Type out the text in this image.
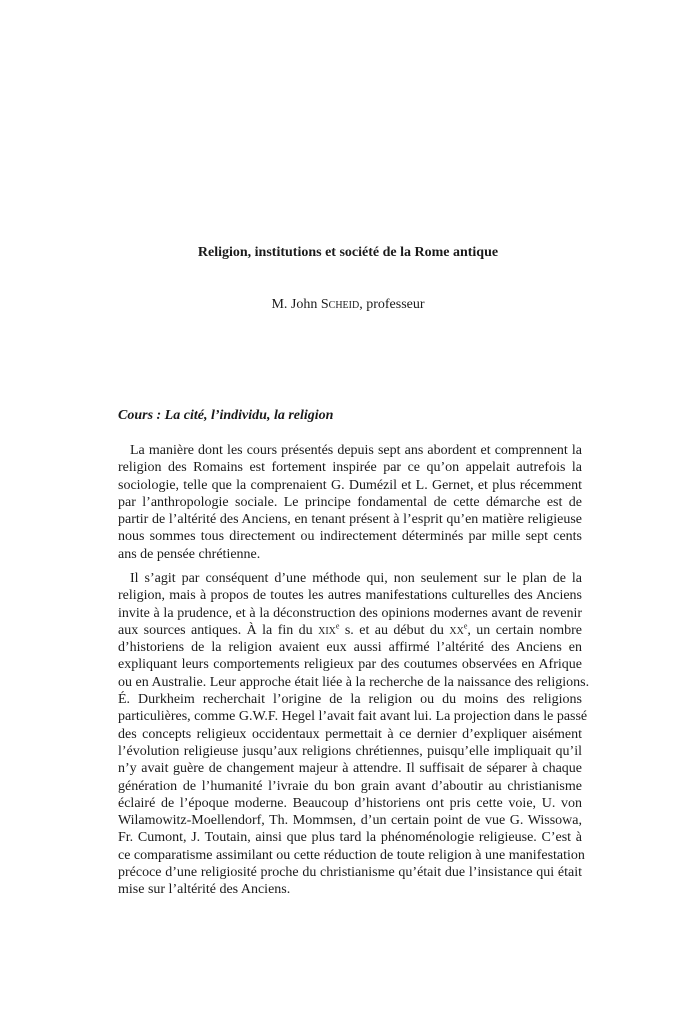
Religion, institutions et société de la Rome antique

M. John Scheid, professeur

Cours : La cité, l’individu, la religion
La manière dont les cours présentés depuis sept ans abordent et comprennent la
religion des Romains est fortement inspirée par ce qu’on appelait autrefois la
sociologie, telle que la comprenaient G. Dumézil et L. Gernet, et plus récemment
par l’anthropologie sociale. Le principe fondamental de cette démarche est de
partir de l’altérité des Anciens, en tenant présent à l’esprit qu’en matière religieuse
nous sommes tous directement ou indirectement déterminés par mille sept cents
ans de pensée chrétienne.
Il s’agit par conséquent d’une méthode qui, non seulement sur le plan de la
religion, mais à propos de toutes les autres manifestations culturelles des Anciens
invite à la prudence, et à la déconstruction des opinions modernes avant de revenir
aux sources antiques. À la fin du xix$^e$ s. et au début du $xx^e$, un certain nombre
d’historiens de la religion avaient eux aussi affirmé l’altérité des Anciens en
expliquant leurs comportements religieux par des coutumes observées en Afrique
ou en Australie. Leur approche était liée à la recherche de la naissance des religions.
É. Durkheim recherchait l’origine de la religion ou du moins des religions
particulières, comme G.W.F. Hegel l’avait fait avant lui. La projection dans le passé
des concepts religieux occidentaux permettait à ce dernier d’expliquer aisément
l’évolution religieuse jusqu’aux religions chrétiennes, puisqu’elle impliquait qu’il
n’y avait guère de changement majeur à attendre. Il suffisait de séparer à chaque
génération de l’humanité l’ivraie du bon grain avant d’aboutir au christianisme
éclairé de l’époque moderne. Beaucoup d’historiens ont pris cette voie, U. von
Wilamowitz-Moellendorf, Th. Mommsen, d’un certain point de vue G. Wissowa,
Fr. Cumont, J. Toutain, ainsi que plus tard la phénoménologie religieuse. C’est à
ce comparatisme assimilant ou cette réduction de toute religion à une manifestation
précoce d’une religiosité proche du christianisme qu’était due l’insistance qui était
mise sur l’altérité des Anciens.
